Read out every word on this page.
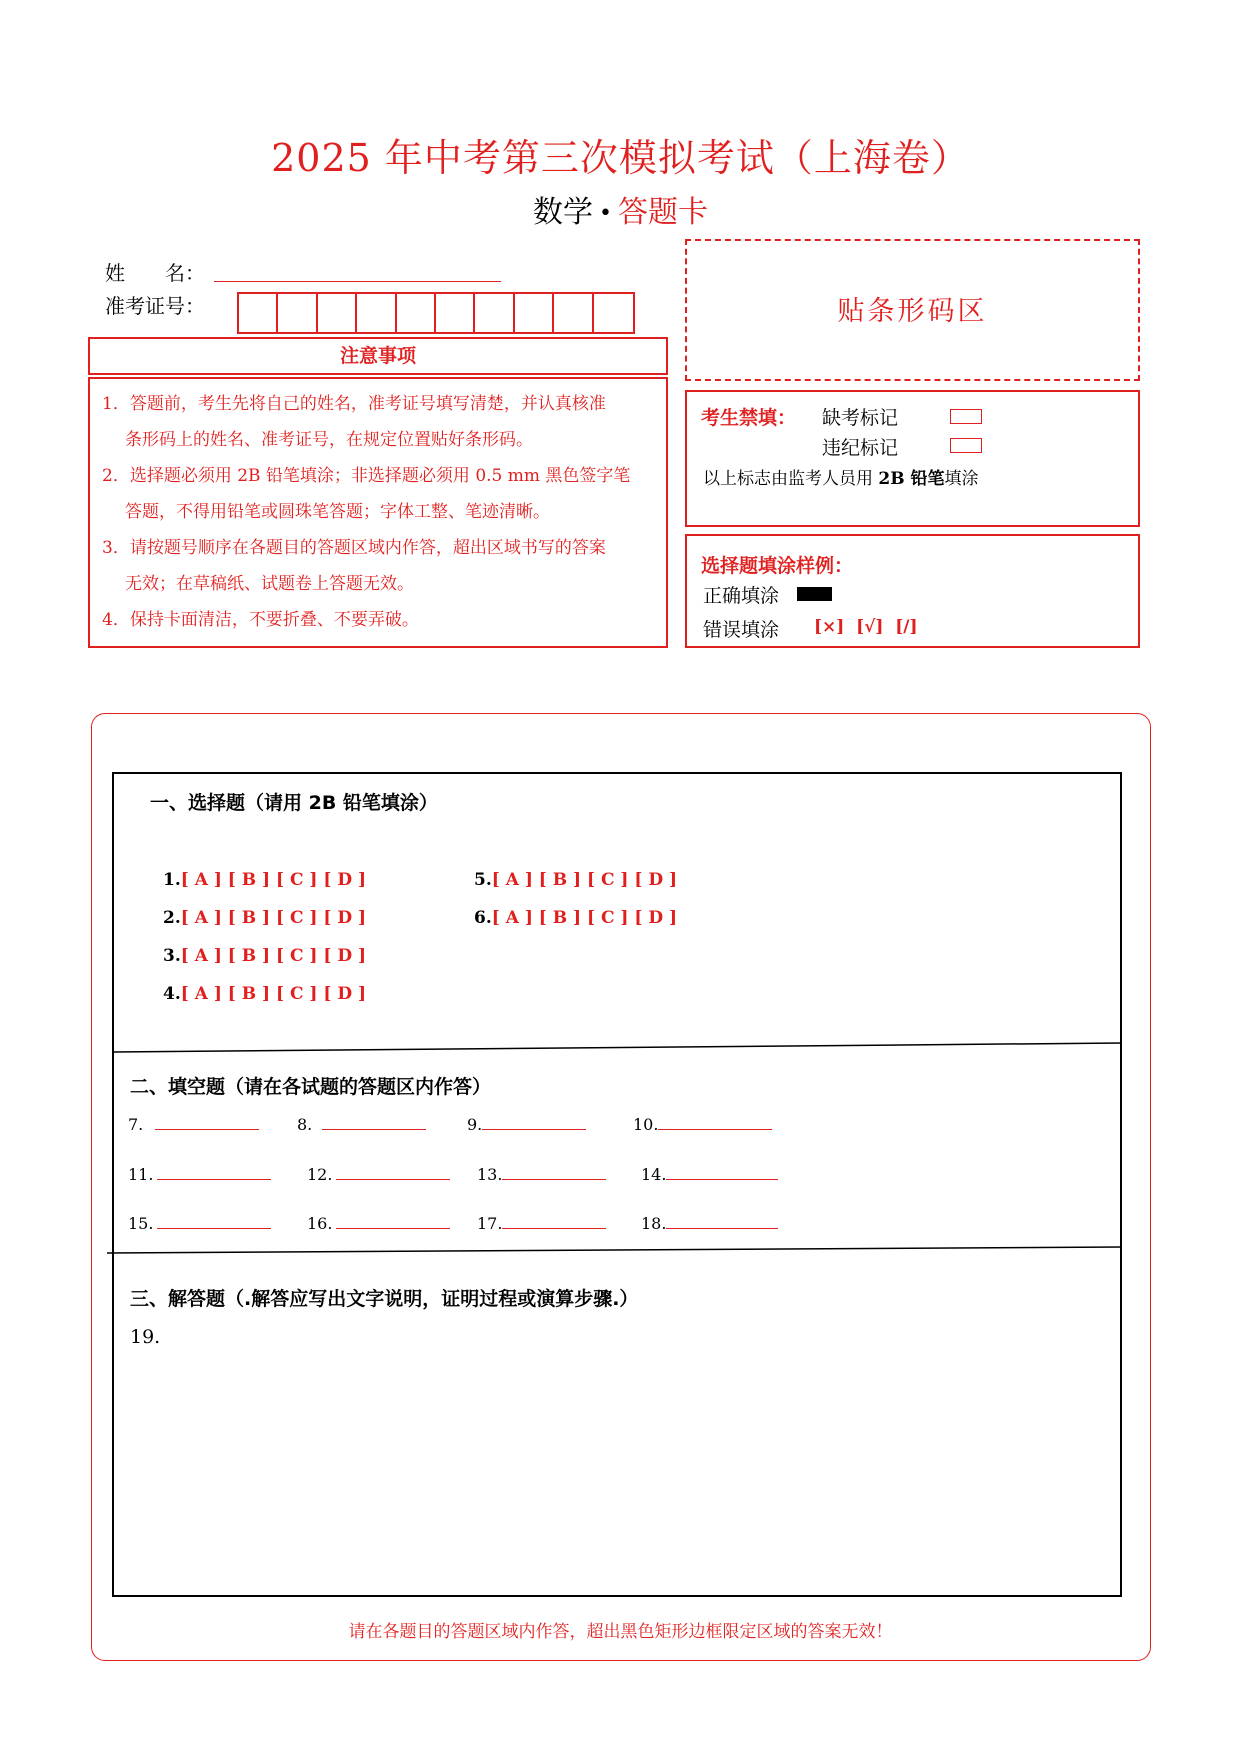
2025 年中考第三次模拟考试（上海卷）
数学 • 答题卡
姓　　名：
准考证号：	贴条形码区
注意事项
1．答题前，考生先将自己的姓名，准考证号填写清楚，并认真核准
条形码上的姓名、准考证号，在规定位置贴好条形码。
2．选择题必须用 2B 铅笔填涂；非选择题必须用 0.5 mm 黑色签字笔
答题，不得用铅笔或圆珠笔答题；字体工整、笔迹清晰。
3．请按题号顺序在各题目的答题区域内作答，超出区域书写的答案
无效；在草稿纸、试题卷上答题无效。
4．保持卡面清洁，不要折叠、不要弄破。
考生禁填： 缺考标记
违纪标记
以上标志由监考人员用 2B 铅笔填涂
选择题填涂样例：
正确填涂
错误填涂 [×]  [√]  [/]
一、选择题（请用 2B 铅笔填涂）
1.[ A ] [ B ] [ C ] [ D ]
2.[ A ] [ B ] [ C ] [ D ]
3.[ A ] [ B ] [ C ] [ D ]
4.[ A ] [ B ] [ C ] [ D ]
5.[ A ] [ B ] [ C ] [ D ]
6.[ A ] [ B ] [ C ] [ D ]
二、填空题（请在各试题的答题区内作答）
7.	8.	9.	10.
11.	12.	13.	14.
15.	16.	17.	18.
三、解答题（.解答应写出文字说明，证明过程或演算步骤.）
19.
请在各题目的答题区域内作答，超出黑色矩形边框限定区域的答案无效！
